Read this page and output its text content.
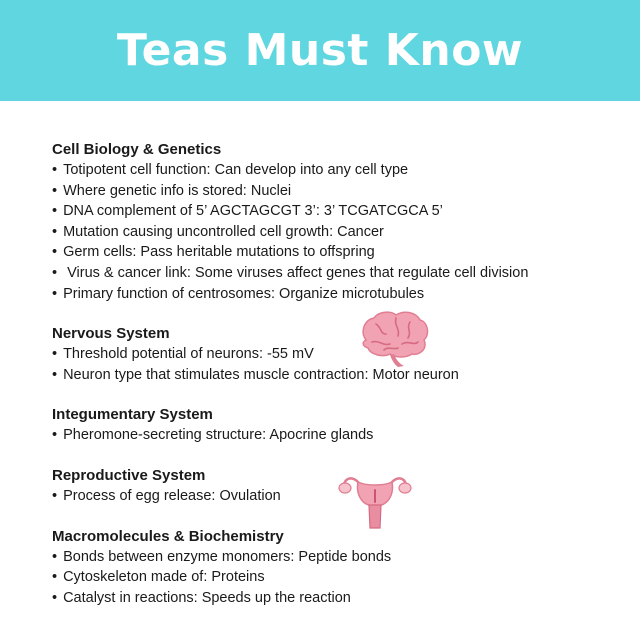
Teas Must Know

Cell Biology & Genetics

• Totipotent cell function: Can develop into any cell type
• Where genetic info is stored: Nuclei
• DNA complement of 5’ AGCTAGCGT 3’: 3’ TCGATCGCA 5’
• Mutation causing uncontrolled cell growth: Cancer
• Germ cells: Pass heritable mutations to offspring
• Virus & cancer link: Some viruses affect genes that regulate cell division
• Primary function of centrosomes: Organize microtubules

Nervous System

• Threshold potential of neurons: -55 mV
• Neuron type that stimulates muscle contraction: Motor neuron

Integumentary System

• Pheromone-secreting structure: Apocrine glands

Reproductive System

• Process of egg release: Ovulation

Macromolecules & Biochemistry

• Bonds between enzyme monomers: Peptide bonds
• Cytoskeleton made of: Proteins
• Catalyst in reactions: Speeds up the reaction
